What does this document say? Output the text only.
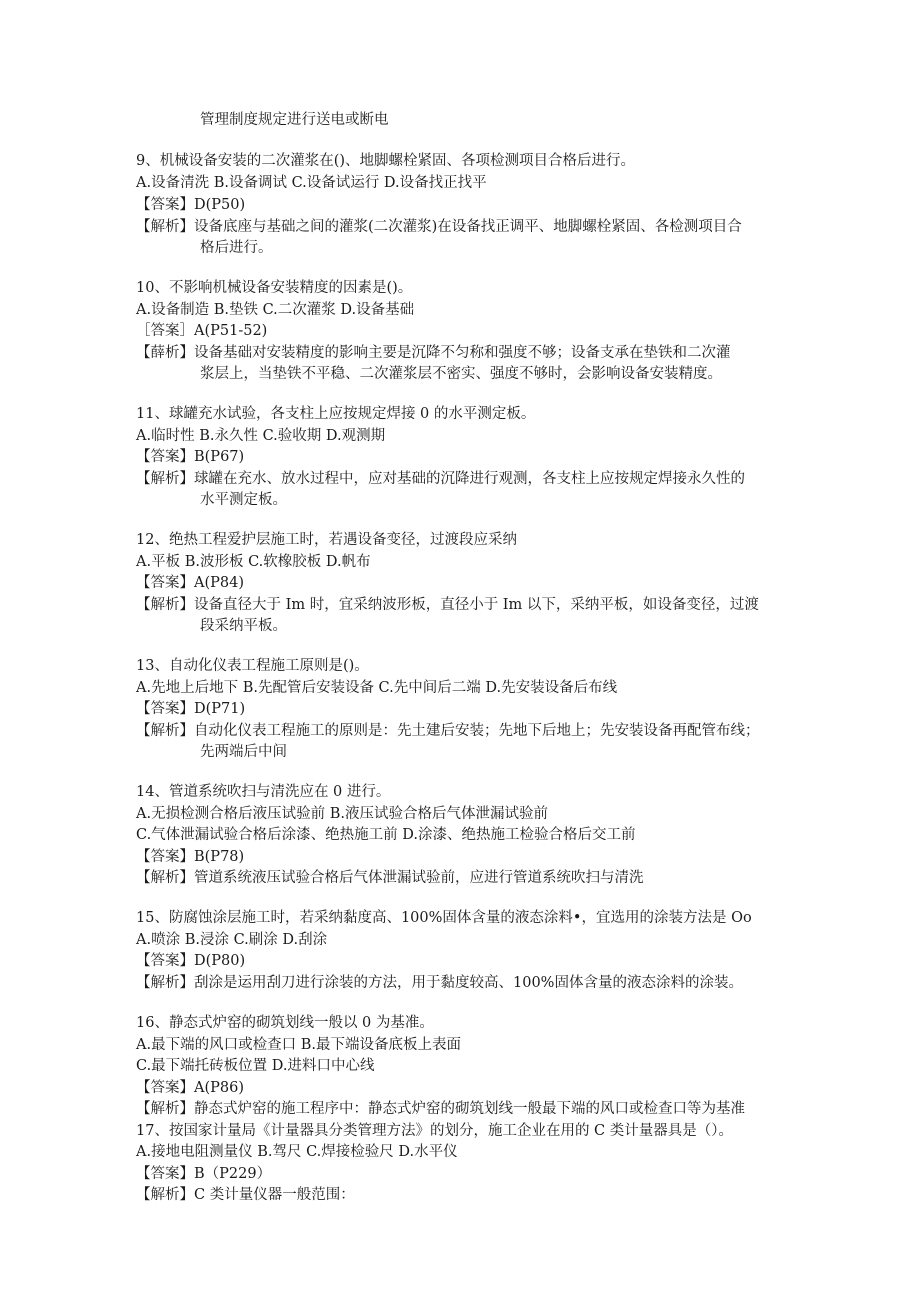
管理制度规定进行送电或断电
9、机械设备安装的二次灌浆在()、地脚螺栓紧固、各项检测项目合格后进行。
A.设备清洗 B.设备调试 C.设备试运行 D.设备找正找平
【答案】D(P50)
【解析】设备底座与基础之间的灌浆(二次灌浆)在设备找正调平、地脚螺栓紧固、各检测项目合
格后进行。
10、不影响机械设备安装精度的因素是()。
A.设备制造 B.垫铁 C.二次灌浆 D.设备基础
［答案］A(P51-52)
【薛析】设备基础对安装精度的影响主要是沉降不匀称和强度不够；设备支承在垫铁和二次灌
浆层上，当垫铁不平稳、二次灌浆层不密实、强度不够时，会影响设备安装精度。
11、球罐充水试验，各支柱上应按规定焊接 0 的水平测定板。
A.临时性 B.永久性 C.验收期 D.观测期
【答案】B(P67)
【解析】球罐在充水、放水过程中，应对基础的沉降进行观测，各支柱上应按规定焊接永久性的
水平测定板。
12、绝热工程爱护层施工时，若遇设备变径，过渡段应采纳
A.平板 B.波形板 C.软橡胶板 D.帆布
【答案】A(P84)
【解析】设备直径大于 Im 时，宜采纳波形板，直径小于 Im 以下，采纳平板，如设备变径，过渡
段采纳平板。
13、自动化仪表工程施工原则是()。
A.先地上后地下 B.先配管后安装设备 C.先中间后二端 D.先安装设备后布线
【答案】D(P71)
【解析】自动化仪表工程施工的原则是：先土建后安装；先地下后地上；先安装设备再配管布线；
先两端后中间
14、管道系统吹扫与清洗应在 0 进行。
A.无损检测合格后液压试验前 B.液压试验合格后气体泄漏试验前
C.气体泄漏试验合格后涂漆、绝热施工前 D.涂漆、绝热施工检验合格后交工前
【答案】B(P78)
【解析】管道系统液压试验合格后气体泄漏试验前，应进行管道系统吹扫与清洗
15、防腐蚀涂层施工时，若采纳黏度高、100%固体含量的液态涂料•，宜选用的涂装方法是 Oo
A.喷涂 B.浸涂 C.刷涂 D.刮涂
【答案】D(P80)
【解析】刮涂是运用刮刀进行涂装的方法，用于黏度较高、100%固体含量的液态涂料的涂装。
16、静态式炉窑的砌筑划线一般以 0 为基准。
A.最下端的风口或检查口 B.最下端设备底板上表面
C.最下端托砖板位置 D.进料口中心线
【答案】A(P86)
【解析】静态式炉窑的施工程序中：静态式炉窑的砌筑划线一般最下端的风口或检查口等为基准
17、按国家计量局《计量器具分类管理方法》的划分，施工企业在用的 C 类计量器具是（）。
A.接地电阻测量仪 B.驾尺 C.焊接检验尺 D.水平仪
【答案】B（P229）
【解析】C 类计量仪器一般范围：
